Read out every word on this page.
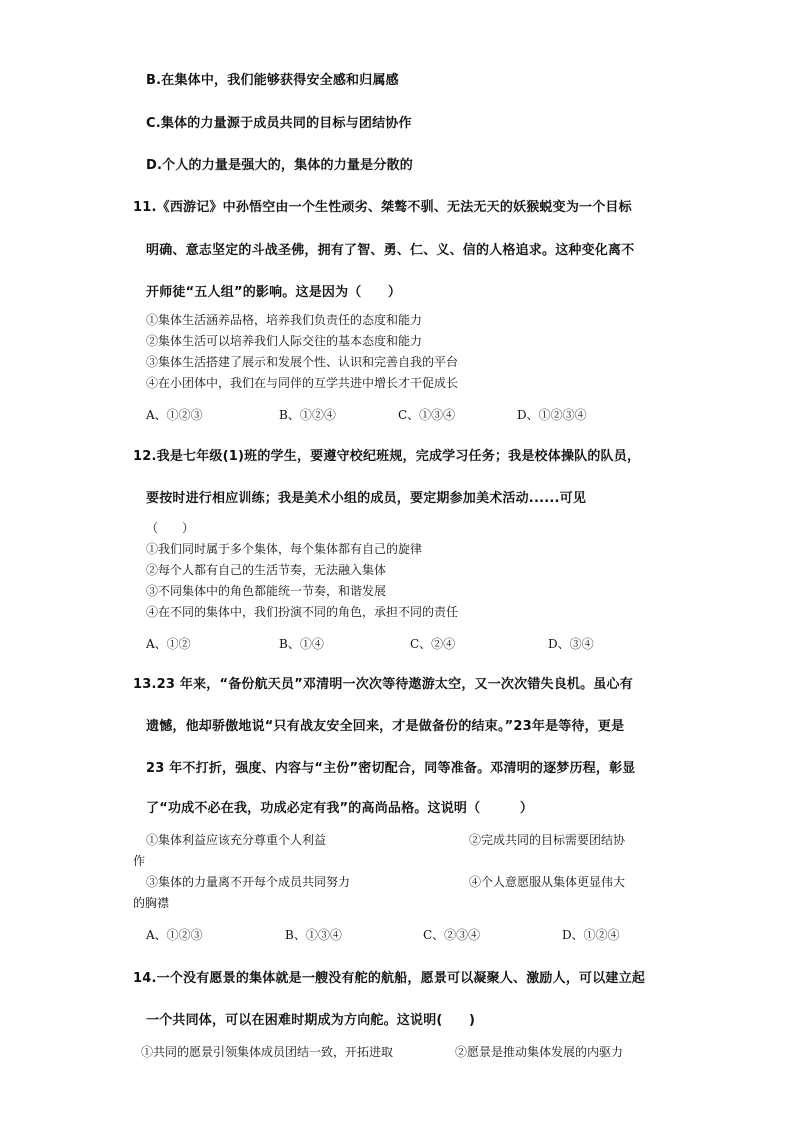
B.在集体中，我们能够获得安全感和归属感
C.集体的力量源于成员共同的目标与团结协作
D.个人的力量是强大的，集体的力量是分散的
11.《西游记》中孙悟空由一个生性顽劣、桀骜不驯、无法无天的妖猴蜕变为一个目标
明确、意志坚定的斗战圣佛，拥有了智、勇、仁、义、信的人格追求。这种变化离不
开师徒“五人组”的影响。这是因为（　　）
①集体生活涵养品格，培养我们负责任的态度和能力
②集体生活可以培养我们人际交往的基本态度和能力
③集体生活搭建了展示和发展个性、认识和完善自我的平台
④在小团体中，我们在与同伴的互学共进中增长才干促成长
A、①②③	B、①②④	C、①③④	D、①②③④
12.我是七年级(1)班的学生，要遵守校纪班规，完成学习任务；我是校体操队的队员，
要按时进行相应训练；我是美术小组的成员，要定期参加美术活动......可见
（　　）
①我们同时属于多个集体，每个集体都有自己的旋律
②每个人都有自己的生活节奏，无法融入集体
③不同集体中的角色都能统一节奏，和谐发展
④在不同的集体中，我们扮演不同的角色，承担不同的责任
A、①②	B、①④	C、②④	D、③④
13.23 年来，“备份航天员”邓清明一次次等待遨游太空，又一次次错失良机。虽心有
遗憾，他却骄傲地说“只有战友安全回来，才是做备份的结束。”23年是等待，更是
23 年不打折，强度、内容与“主份”密切配合，同等准备。邓清明的逐梦历程，彰显
了“功成不必在我，功成必定有我”的高尚品格。这说明（　　　）
①集体利益应该充分尊重个人利益	②完成共同的目标需要团结协
作
③集体的力量离不开每个成员共同努力	④个人意愿服从集体更显伟大
的胸襟
A、①②③	B、①③④	C、②③④	D、①②④
14.一个没有愿景的集体就是一艘没有舵的航船，愿景可以凝聚人、激励人，可以建立起
一个共同体，可以在困难时期成为方向舵。这说明(　　)
①共同的愿景引领集体成员团结一致，开拓进取	②愿景是推动集体发展的内驱力
